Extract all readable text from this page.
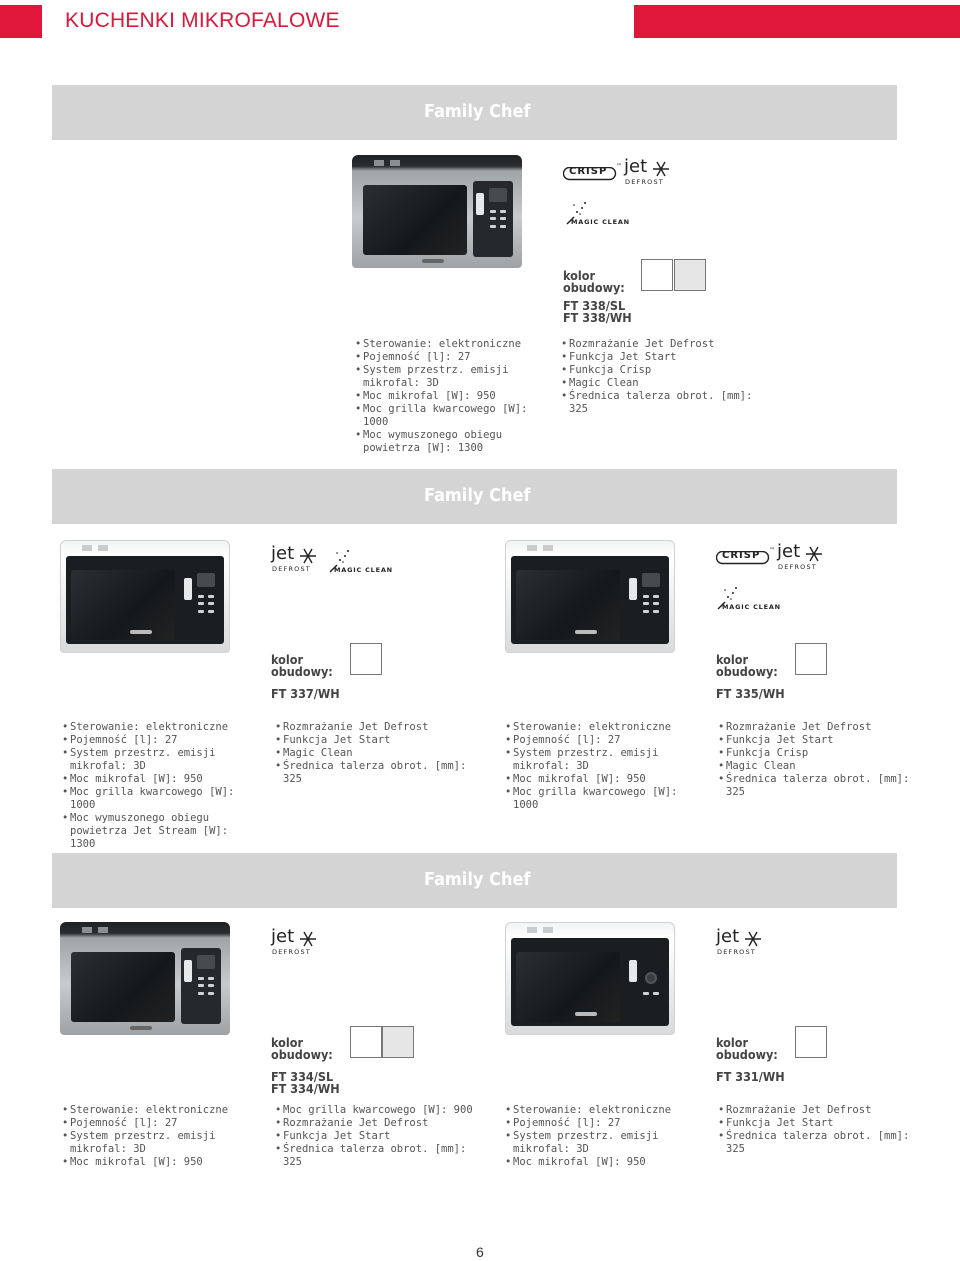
KUCHENKI MIKROFALOWE
Family Chef
CRISP ™ jet
DEFROST
MAGIC CLEAN
kolor obudowy:
FT 338/SL
FT 338/WH
• Sterowanie: elektroniczne
• Pojemność [l]: 27
• System przestrz. emisji mikrofal: 3D
• Moc mikrofal [W]: 950
• Moc grilla kwarcowego [W]: 1000
• Moc wymuszonego obiegu powietrza [W]: 1300
• Rozmrażanie Jet Defrost
• Funkcja Jet Start
• Funkcja Crisp
• Magic Clean
• Średnica talerza obrot. [mm]: 325
Family Chef
jet
DEFROST	MAGIC CLEAN
kolor obudowy:
FT 337/WH
• Sterowanie: elektroniczne
• Pojemność [l]: 27
• System przestrz. emisji mikrofal: 3D
• Moc mikrofal [W]: 950
• Moc grilla kwarcowego [W]: 1000
• Moc wymuszonego obiegu powietrza Jet Stream [W]: 1300
• Rozmrażanie Jet Defrost
• Funkcja Jet Start
• Magic Clean
• Średnica talerza obrot. [mm]: 325
CRISP ™ jet
DEFROST
MAGIC CLEAN
kolor obudowy:
FT 335/WH
• Sterowanie: elektroniczne
• Pojemność [l]: 27
• System przestrz. emisji mikrofal: 3D
• Moc mikrofal [W]: 950
• Moc grilla kwarcowego [W]: 1000
• Rozmrażanie Jet Defrost
• Funkcja Jet Start
• Funkcja Crisp
• Magic Clean
• Średnica talerza obrot. [mm]: 325
Family Chef
jet
DEFROST
kolor obudowy:
FT 334/SL
FT 334/WH
• Sterowanie: elektroniczne
• Pojemność [l]: 27
• System przestrz. emisji mikrofal: 3D
• Moc mikrofal [W]: 950
• Moc grilla kwarcowego [W]: 900
• Rozmrażanie Jet Defrost
• Funkcja Jet Start
• Średnica talerza obrot. [mm]: 325
jet
DEFROST
kolor obudowy:
FT 331/WH
• Sterowanie: elektroniczne
• Pojemność [l]: 27
• System przestrz. emisji mikrofal: 3D
• Moc mikrofal [W]: 950
• Rozmrażanie Jet Defrost
• Funkcja Jet Start
• Średnica talerza obrot. [mm]: 325
6
